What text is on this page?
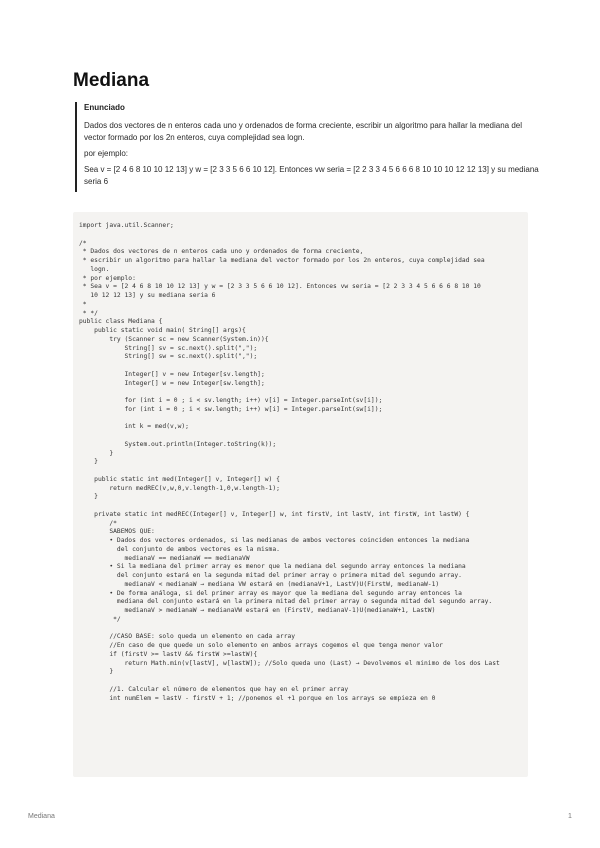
Mediana
Enunciado

Dados dos vectores de n enteros cada uno y ordenados de forma creciente, escribir un algoritmo para hallar la mediana del vector formado por los 2n enteros, cuya complejidad sea logn.

por ejemplo:

Sea v = [2 4 6 8 10 10 12 13] y w = [2 3 3 5 6 6 10 12]. Entonces vw seria = [2 2 3 3 4 5 6 6 6 8 10 10 10 12 12 13] y su mediana seria 6

import java.util.Scanner;

/*
* Dados dos vectores de n enteros cada uno y ordenados de forma creciente,
* escribir un algoritmo para hallar la mediana del vector formado por los 2n enteros, cuya complejidad sea
logn.
* por ejemplo:
* Sea v = [2 4 6 8 10 10 12 13] y w = [2 3 3 5 6 6 10 12]. Entonces vw seria = [2 2 3 3 4 5 6 6 6 8 10 10
10 12 12 13] y su mediana seria 6
*
* */
public class Mediana {
public static void main( String[] args){
try (Scanner sc = new Scanner(System.in)){
String[] sv = sc.next().split(",");
String[] sw = sc.next().split(",");

Integer[] v = new Integer[sv.length];
Integer[] w = new Integer[sw.length];

for (int i = 0 ; i < sv.length; i++) v[i] = Integer.parseInt(sv[i]);
for (int i = 0 ; i < sw.length; i++) w[i] = Integer.parseInt(sw[i]);

int k = med(v,w);

System.out.println(Integer.toString(k));
}
}

public static int med(Integer[] v, Integer[] w) {
return medREC(v,w,0,v.length-1,0,w.length-1);
}

private static int medREC(Integer[] v, Integer[] w, int firstV, int lastV, int firstW, int lastW) {
/*
SABEMOS QUE:
• Dados dos vectores ordenados, si las medianas de ambos vectores coinciden entonces la mediana
del conjunto de ambos vectores es la misma.
medianaV == medianaW == medianaVW
• Si la mediana del primer array es menor que la mediana del segundo array entonces la mediana
del conjunto estará en la segunda mitad del primer array o primera mitad del segundo array.
medianaV < medianaW → mediana VW estará en (medianaV+1, LastV)U(FirstW, medianaW-1)
• De forma análoga, si del primer array es mayor que la mediana del segundo array entonces la
mediana del conjunto estará en la primera mitad del primer array o segunda mitad del segundo array.
medianaV > medianaW → medianaVW estará en (FirstV, medianaV-1)U(medianaW+1, LastW)
*/

//CASO BASE: solo queda un elemento en cada array
//En caso de que quede un solo elemento en ambos arrays cogemos el que tenga menor valor
if (firstV >= lastV && firstW >=lastW){
return Math.min(v[lastV], w[lastW]); //Solo queda uno (Last) → Devolvemos el minimo de los dos Last
}

//1. Calcular el número de elementos que hay en el primer array
int numElem = lastV - firstV + 1; //ponemos el +1 porque en los arrays se empieza en 0

Mediana	1
